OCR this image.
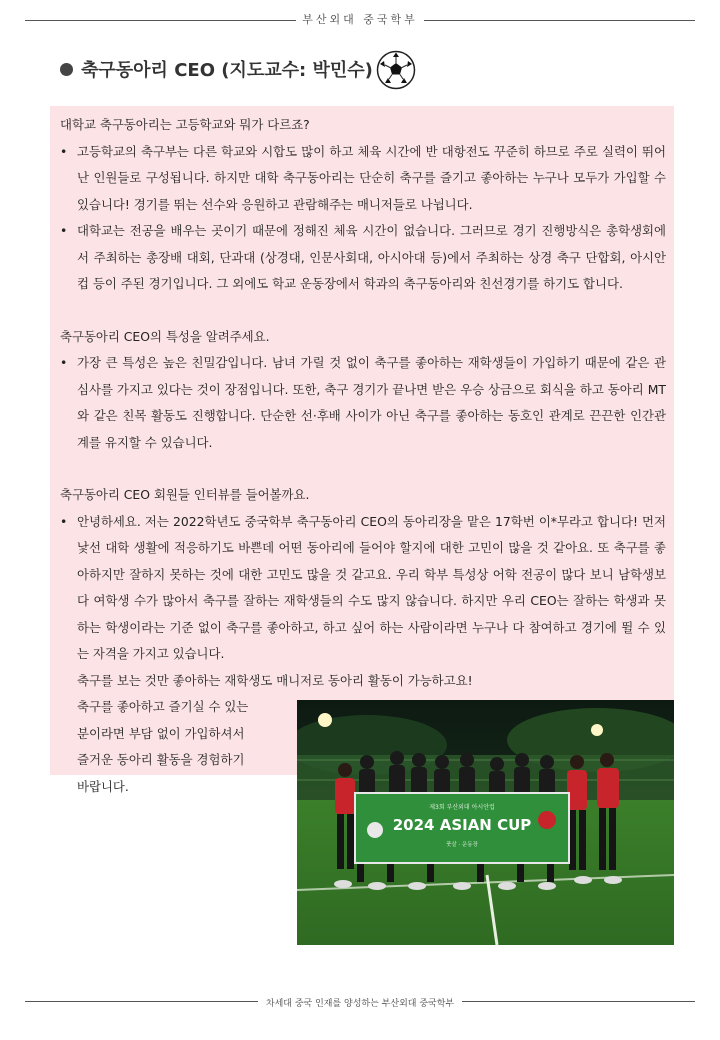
부산외대 중국학부
축구동아리 CEO (지도교수: 박민수)

대학교 축구동아리는 고등학교와 뭐가 다르죠?

• 고등학교의 축구부는 다른 학교와 시합도 많이 하고 체육 시간에 반 대항전도 꾸준히 하므로 주로 실력이 뛰어난 인원들로 구성됩니다. 하지만 대학 축구동아리는 단순히 축구를 즐기고 좋아하는 누구나 모두가 가입할 수 있습니다! 경기를 뛰는 선수와 응원하고 관람해주는 매니저들로 나뉩니다.
• 대학교는 전공을 배우는 곳이기 때문에 정해진 체육 시간이 없습니다. 그러므로 경기 진행방식은 총학생회에서 주최하는 총장배 대회, 단과대 (상경대, 인문사회대, 아시아대 등)에서 주최하는 상경 축구 단합회, 아시안컵 등이 주된 경기입니다. 그 외에도 학교 운동장에서 학과의 축구동아리와 친선경기를 하기도 합니다.

축구동아리 CEO의 특성을 알려주세요.

• 가장 큰 특성은 높은 친밀감입니다. 남녀 가릴 것 없이 축구를 좋아하는 재학생들이 가입하기 때문에 같은 관심사를 가지고 있다는 것이 장점입니다. 또한, 축구 경기가 끝나면 받은 우승 상금으로 회식을 하고 동아리 MT와 같은 친목 활동도 진행합니다. 단순한 선·후배 사이가 아닌 축구를 좋아하는 동호인 관계로 끈끈한 인간관계를 유지할 수 있습니다.

축구동아리 CEO 회원들 인터뷰를 들어볼까요.

• 안녕하세요. 저는 2022학년도 중국학부 축구동아리 CEO의 동아리장을 맡은 17학번 이*무라고 합니다! 먼저 낯선 대학 생활에 적응하기도 바쁜데 어떤 동아리에 들어야 할지에 대한 고민이 많을 것 같아요. 또 축구를 좋아하지만 잘하지 못하는 것에 대한 고민도 많을 것 같고요. 우리 학부 특성상 어학 전공이 많다 보니 남학생보다 여학생 수가 많아서 축구를 잘하는 재학생들의 수도 많지 않습니다. 하지만 우리 CEO는 잘하는 학생과 못하는 학생이라는 기준 없이 축구를 좋아하고, 하고 싶어 하는 사람이라면 누구나 다 참여하고 경기에 뛸 수 있는 자격을 가지고 있습니다.
축구를 보는 것만 좋아하는 재학생도 매니저로 동아리 활동이 가능하고요!
축구를 좋아하고 즐기실 수 있는
분이라면 부담 없이 가입하셔서
즐거운 동아리 활동을 경험하기
바랍니다.
제3회 부산외대 아시안컵
2024 ASIAN CUP
풋살 · 운동장
차세대 중국 인재를 양성하는 부산외대 중국학부
